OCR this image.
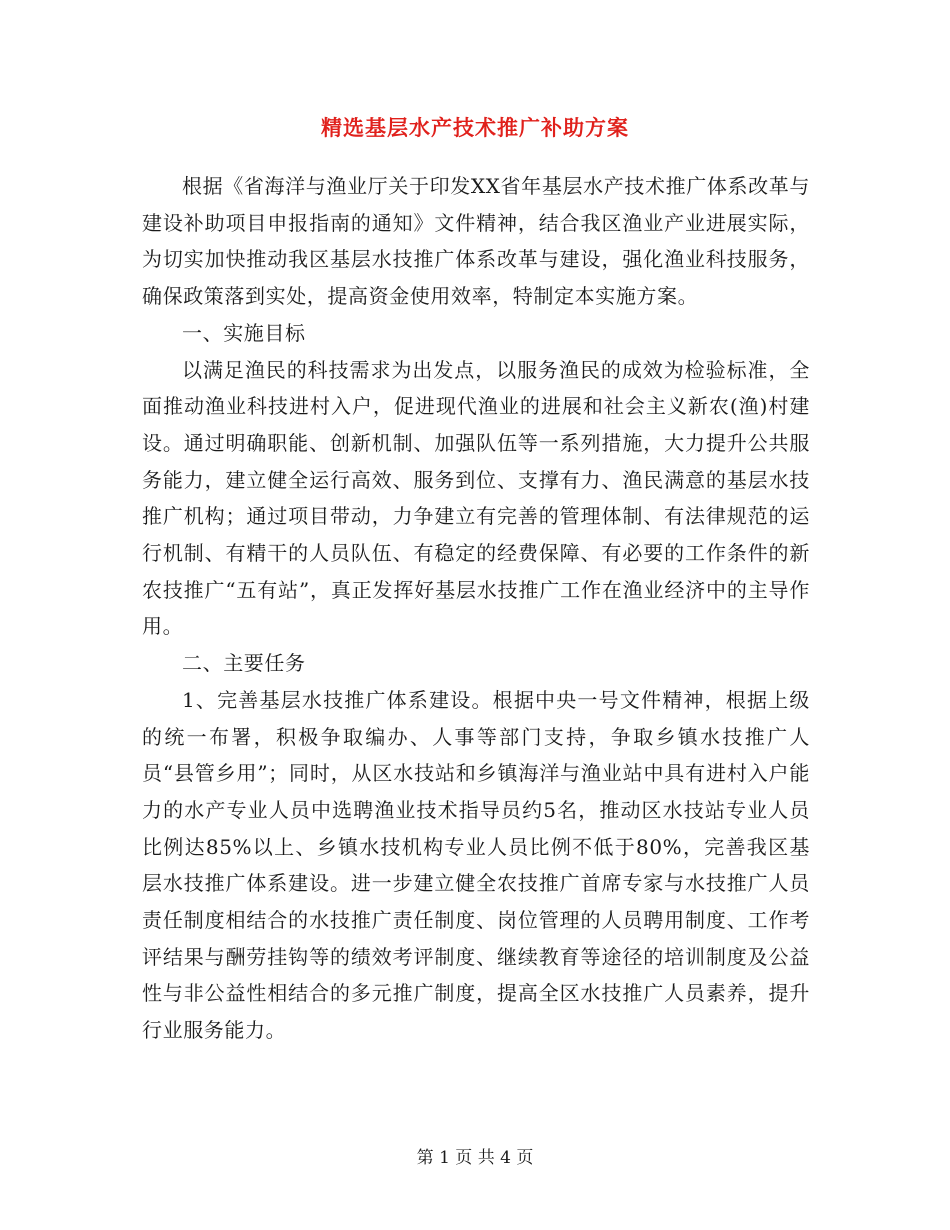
精选基层水产技术推广补助方案

根据《省海洋与渔业厅关于印发XX省年基层水产技术推广体系改革与建设补助项目申报指南的通知》文件精神，结合我区渔业产业进展实际，为切实加快推动我区基层水技推广体系改革与建设，强化渔业科技服务，确保政策落到实处，提高资金使用效率，特制定本实施方案。

一、实施目标

以满足渔民的科技需求为出发点，以服务渔民的成效为检验标准，全面推动渔业科技进村入户，促进现代渔业的进展和社会主义新农(渔)村建设。通过明确职能、创新机制、加强队伍等一系列措施，大力提升公共服务能力，建立健全运行高效、服务到位、支撑有力、渔民满意的基层水技推广机构；通过项目带动，力争建立有完善的管理体制、有法律规范的运行机制、有精干的人员队伍、有稳定的经费保障、有必要的工作条件的新农技推广“五有站”，真正发挥好基层水技推广工作在渔业经济中的主导作用。

二、主要任务

1、完善基层水技推广体系建设。根据中央一号文件精神，根据上级的统一布署，积极争取编办、人事等部门支持，争取乡镇水技推广人员“县管乡用”；同时，从区水技站和乡镇海洋与渔业站中具有进村入户能力的水产专业人员中选聘渔业技术指导员约5名，推动区水技站专业人员比例达85%以上、乡镇水技机构专业人员比例不低于80%，完善我区基层水技推广体系建设。进一步建立健全农技推广首席专家与水技推广人员责任制度相结合的水技推广责任制度、岗位管理的人员聘用制度、工作考评结果与酬劳挂钩等的绩效考评制度、继续教育等途径的培训制度及公益性与非公益性相结合的多元推广制度，提高全区水技推广人员素养，提升行业服务能力。

第 1 页 共 4 页
